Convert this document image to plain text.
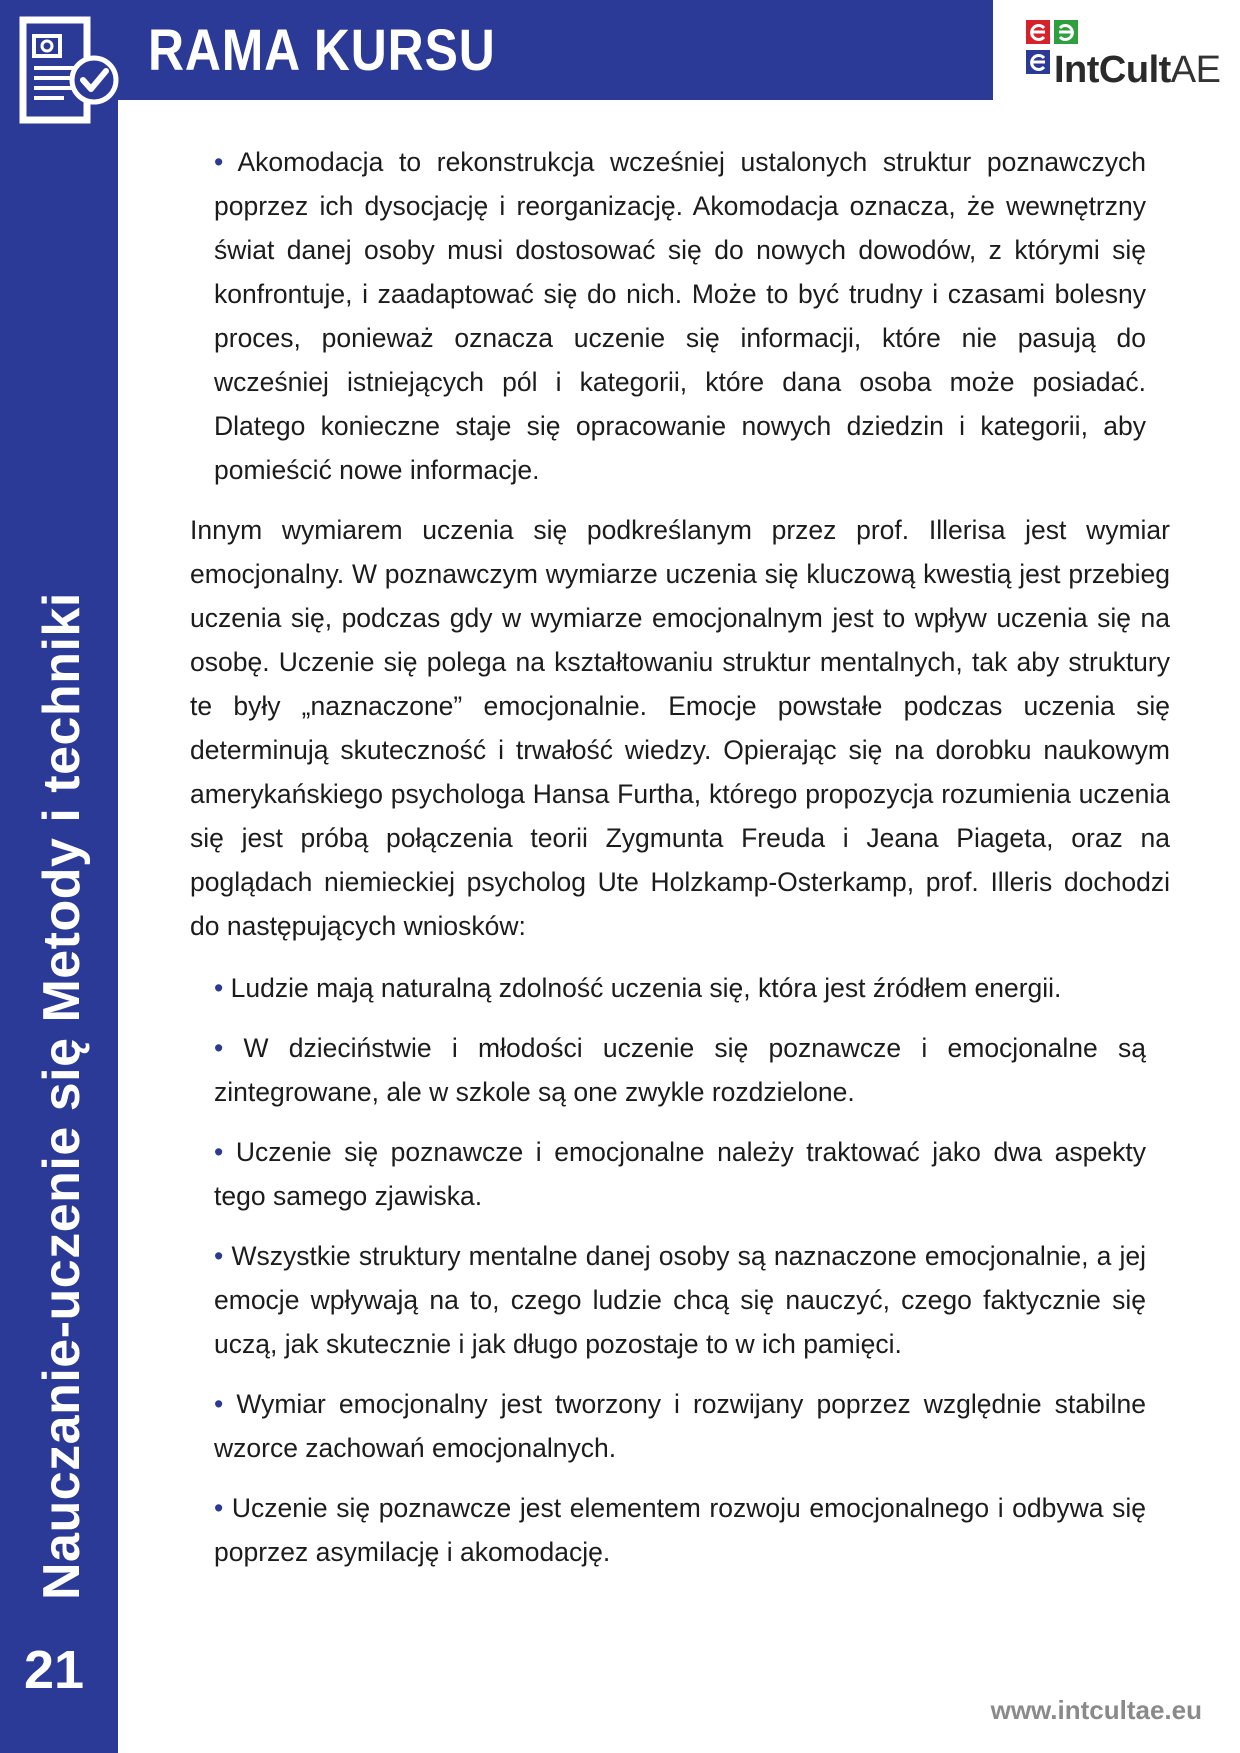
RAMA KURSU	IntCultAE
Nauczanie-uczenie się Metody i techniki
21
• Akomodacja to rekonstrukcja wcześniej ustalonych struktur poznawczych poprzez ich dysocjację i reorganizację. Akomodacja oznacza, że wewnętrzny świat danej osoby musi dostosować się do nowych dowodów, z którymi się konfrontuje, i zaadaptować się do nich. Może to być trudny i czasami bolesny proces, ponieważ oznacza uczenie się informacji, które nie pasują do wcześniej istniejących pól i kategorii, które dana osoba może posiadać. Dlatego konieczne staje się opracowanie nowych dziedzin i kategorii, aby pomieścić nowe informacje.

Innym wymiarem uczenia się podkreślanym przez prof. Illerisa jest wymiar emocjonalny. W poznawczym wymiarze uczenia się kluczową kwestią jest przebieg uczenia się, podczas gdy w wymiarze emocjonalnym jest to wpływ uczenia się na osobę. Uczenie się polega na kształtowaniu struktur mentalnych, tak aby struktury te były „naznaczone” emocjonalnie. Emocje powstałe podczas uczenia się determinują skuteczność i trwałość wiedzy. Opierając się na dorobku naukowym amerykańskiego psychologa Hansa Furtha, którego propozycja rozumienia uczenia się jest próbą połączenia teorii Zygmunta Freuda i Jeana Piageta, oraz na poglądach niemieckiej psycholog Ute Holzkamp-Osterkamp, prof. Illeris dochodzi do następujących wniosków:

• Ludzie mają naturalną zdolność uczenia się, która jest źródłem energii.
• W dzieciństwie i młodości uczenie się poznawcze i emocjonalne są zintegrowane, ale w szkole są one zwykle rozdzielone.
• Uczenie się poznawcze i emocjonalne należy traktować jako dwa aspekty tego samego zjawiska.
• Wszystkie struktury mentalne danej osoby są naznaczone emocjonalnie, a jej emocje wpływają na to, czego ludzie chcą się nauczyć, czego faktycznie się uczą, jak skutecznie i jak długo pozostaje to w ich pamięci.
• Wymiar emocjonalny jest tworzony i rozwijany poprzez względnie stabilne wzorce zachowań emocjonalnych.
• Uczenie się poznawcze jest elementem rozwoju emocjonalnego i odbywa się poprzez asymilację i akomodację.
www.intcultae.eu
